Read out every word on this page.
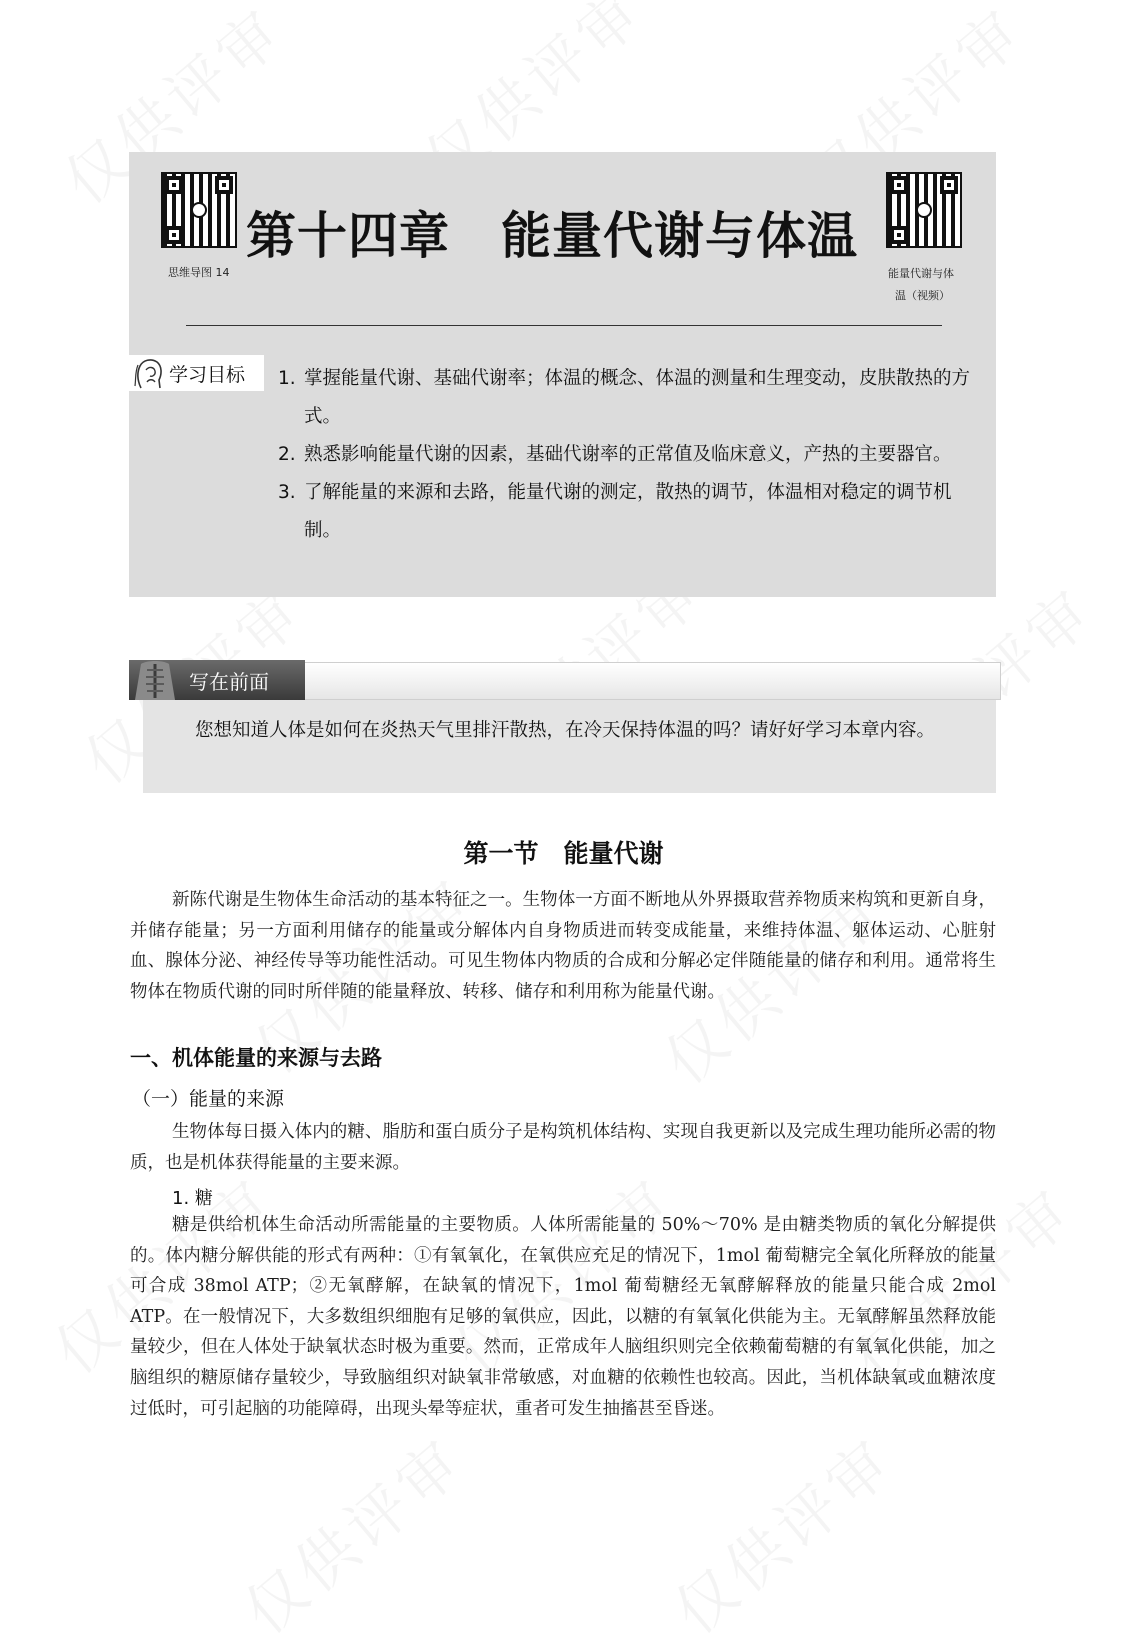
思维导图 14	能量代谢与体
温（视频）
第十四章　能量代谢与体温
学习目标 1. 掌握能量代谢、基础代谢率；体温的概念、体温的测量和生理变动，皮肤散热的方式。
2. 熟悉影响能量代谢的因素，基础代谢率的正常值及临床意义，产热的主要器官。
3. 了解能量的来源和去路，能量代谢的测定，散热的调节，体温相对稳定的调节机制。
写在前面
您想知道人体是如何在炎热天气里排汗散热，在冷天保持体温的吗？请好好学习本章内容。
第一节　能量代谢
新陈代谢是生物体生命活动的基本特征之一。生物体一方面不断地从外界摄取营养物质来构筑和更新自身，并储存能量；另一方面利用储存的能量或分解体内自身物质进而转变成能量，来维持体温、躯体运动、心脏射血、腺体分泌、神经传导等功能性活动。可见生物体内物质的合成和分解必定伴随能量的储存和利用。通常将生物体在物质代谢的同时所伴随的能量释放、转移、储存和利用称为能量代谢。
一、机体能量的来源与去路
（一）能量的来源
生物体每日摄入体内的糖、脂肪和蛋白质分子是构筑机体结构、实现自我更新以及完成生理功能所必需的物质，也是机体获得能量的主要来源。
1. 糖
糖是供给机体生命活动所需能量的主要物质。人体所需能量的 50%～70% 是由糖类物质的氧化分解提供的。体内糖分解供能的形式有两种：①有氧氧化，在氧供应充足的情况下，1mol 葡萄糖完全氧化所释放的能量可合成 38mol ATP；②无氧酵解，在缺氧的情况下，1mol 葡萄糖经无氧酵解释放的能量只能合成 2mol ATP。在一般情况下，大多数组织细胞有足够的氧供应，因此，以糖的有氧氧化供能为主。无氧酵解虽然释放能量较少，但在人体处于缺氧状态时极为重要。然而，正常成年人脑组织则完全依赖葡萄糖的有氧氧化供能，加之脑组织的糖原储存量较少，导致脑组织对缺氧非常敏感，对血糖的依赖性也较高。因此，当机体缺氧或血糖浓度过低时，可引起脑的功能障碍，出现头晕等症状，重者可发生抽搐甚至昏迷。
